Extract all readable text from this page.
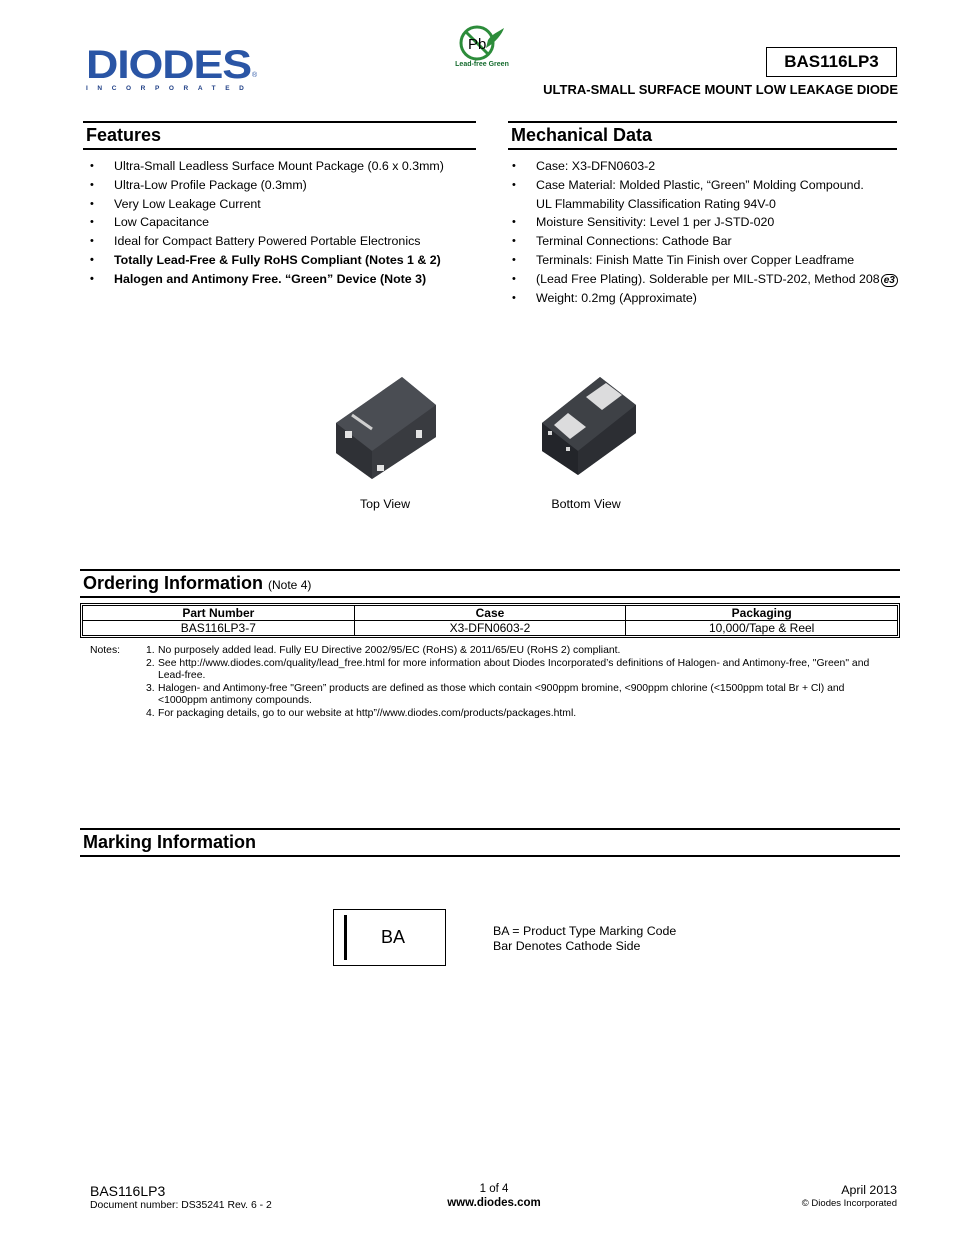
DIODES
INCORPORATED
®
Pb
Lead-free Green	BAS116LP3
ULTRA-SMALL SURFACE MOUNT LOW LEAKAGE DIODE
Features
• Ultra-Small Leadless Surface Mount Package (0.6 x 0.3mm)
• Ultra-Low Profile Package (0.3mm)
• Very Low Leakage Current
• Low Capacitance
• Ideal for Compact Battery Powered Portable Electronics
• Totally Lead-Free & Fully RoHS Compliant (Notes 1 & 2)
• Halogen and Antimony Free. “Green” Device (Note 3)
Mechanical Data
• Case: X3-DFN0603-2
• Case Material: Molded Plastic, “Green” Molding Compound.
UL Flammability Classification Rating 94V-0
• Moisture Sensitivity: Level 1 per J-STD-020
• Terminal Connections: Cathode Bar
• Terminals: Finish Matte Tin Finish over Copper Leadframe
• (Lead Free Plating). Solderable per MIL-STD-202, Method 208 e3
• Weight: 0.2mg (Approximate)
Top View	Bottom View
Ordering Information (Note 4)
Part Number	Case	Packaging
BAS116LP3-7	X3-DFN0603-2	10,000/Tape & Reel
Notes: 1. No purposely added lead. Fully EU Directive 2002/95/EC (RoHS) & 2011/65/EU (RoHS 2) compliant.
2. See http://www.diodes.com/quality/lead_free.html for more information about Diodes Incorporated’s definitions of Halogen- and Antimony-free, "Green" and Lead-free.
3. Halogen- and Antimony-free "Green” products are defined as those which contain <900ppm bromine, <900ppm chlorine (<1500ppm total Br + Cl) and <1000ppm antimony compounds.
4. For packaging details, go to our website at http”//www.diodes.com/products/packages.html.
Marking Information
BA	BA = Product Type Marking Code
Bar Denotes Cathode Side
BAS116LP3
Document number: DS35241 Rev. 6 - 2
1 of 4
www.diodes.com
April 2013
© Diodes Incorporated
